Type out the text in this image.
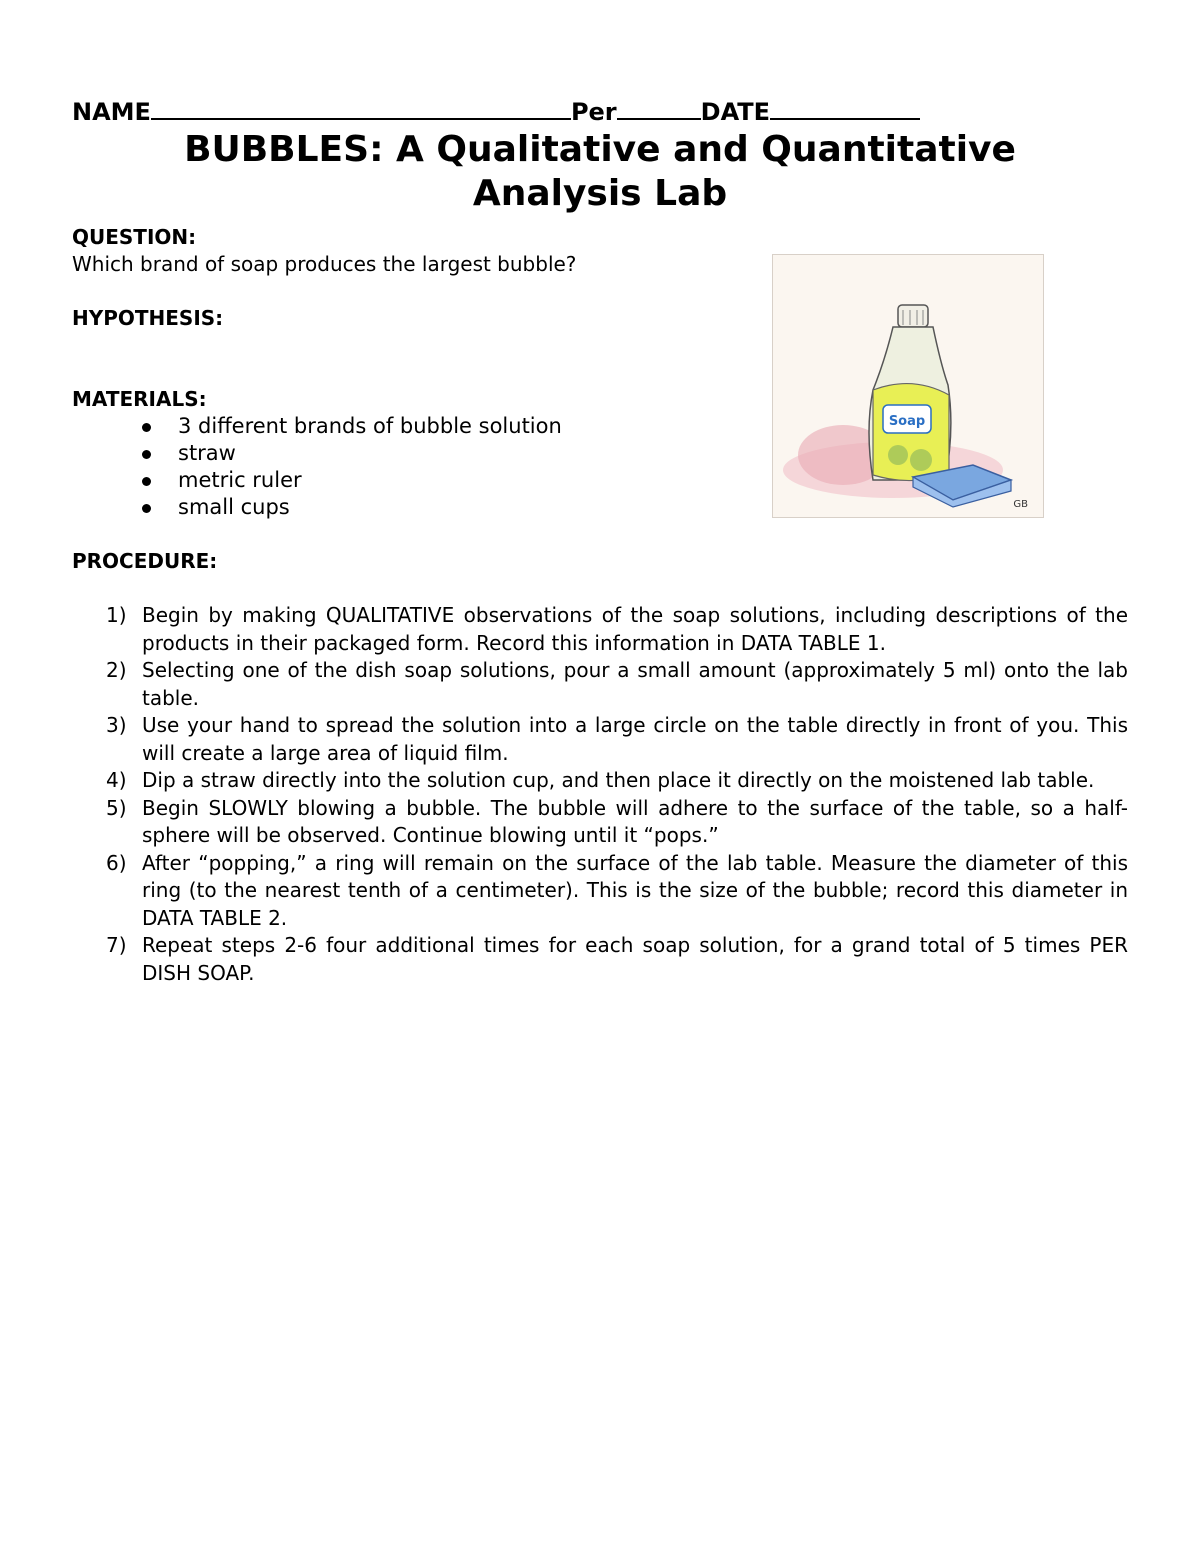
NAME	Per	DATE
BUBBLES: A Qualitative and Quantitative
Analysis Lab

QUESTION:

Which brand of soap produces the largest bubble?

HYPOTHESIS:

MATERIALS:

3 different brands of bubble solution
straw
metric ruler
small cups

PROCEDURE:

1) Begin by making QUALITATIVE observations of the soap solutions, including descriptions of the products in their packaged form. Record this information in DATA TABLE 1.
2) Selecting one of the dish soap solutions, pour a small amount (approximately 5 ml) onto the lab table.
3) Use your hand to spread the solution into a large circle on the table directly in front of you. This will create a large area of liquid film.
4) Dip a straw directly into the solution cup, and then place it directly on the moistened lab table.
5) Begin SLOWLY blowing a bubble. The bubble will adhere to the surface of the table, so a half-sphere will be observed. Continue blowing until it “pops.”
6) After “popping,” a ring will remain on the surface of the lab table. Measure the diameter of this ring (to the nearest tenth of a centimeter). This is the size of the bubble; record this diameter in DATA TABLE 2.
7) Repeat steps 2-6 four additional times for each soap solution, for a grand total of 5 times PER DISH SOAP.
Soap
GB
